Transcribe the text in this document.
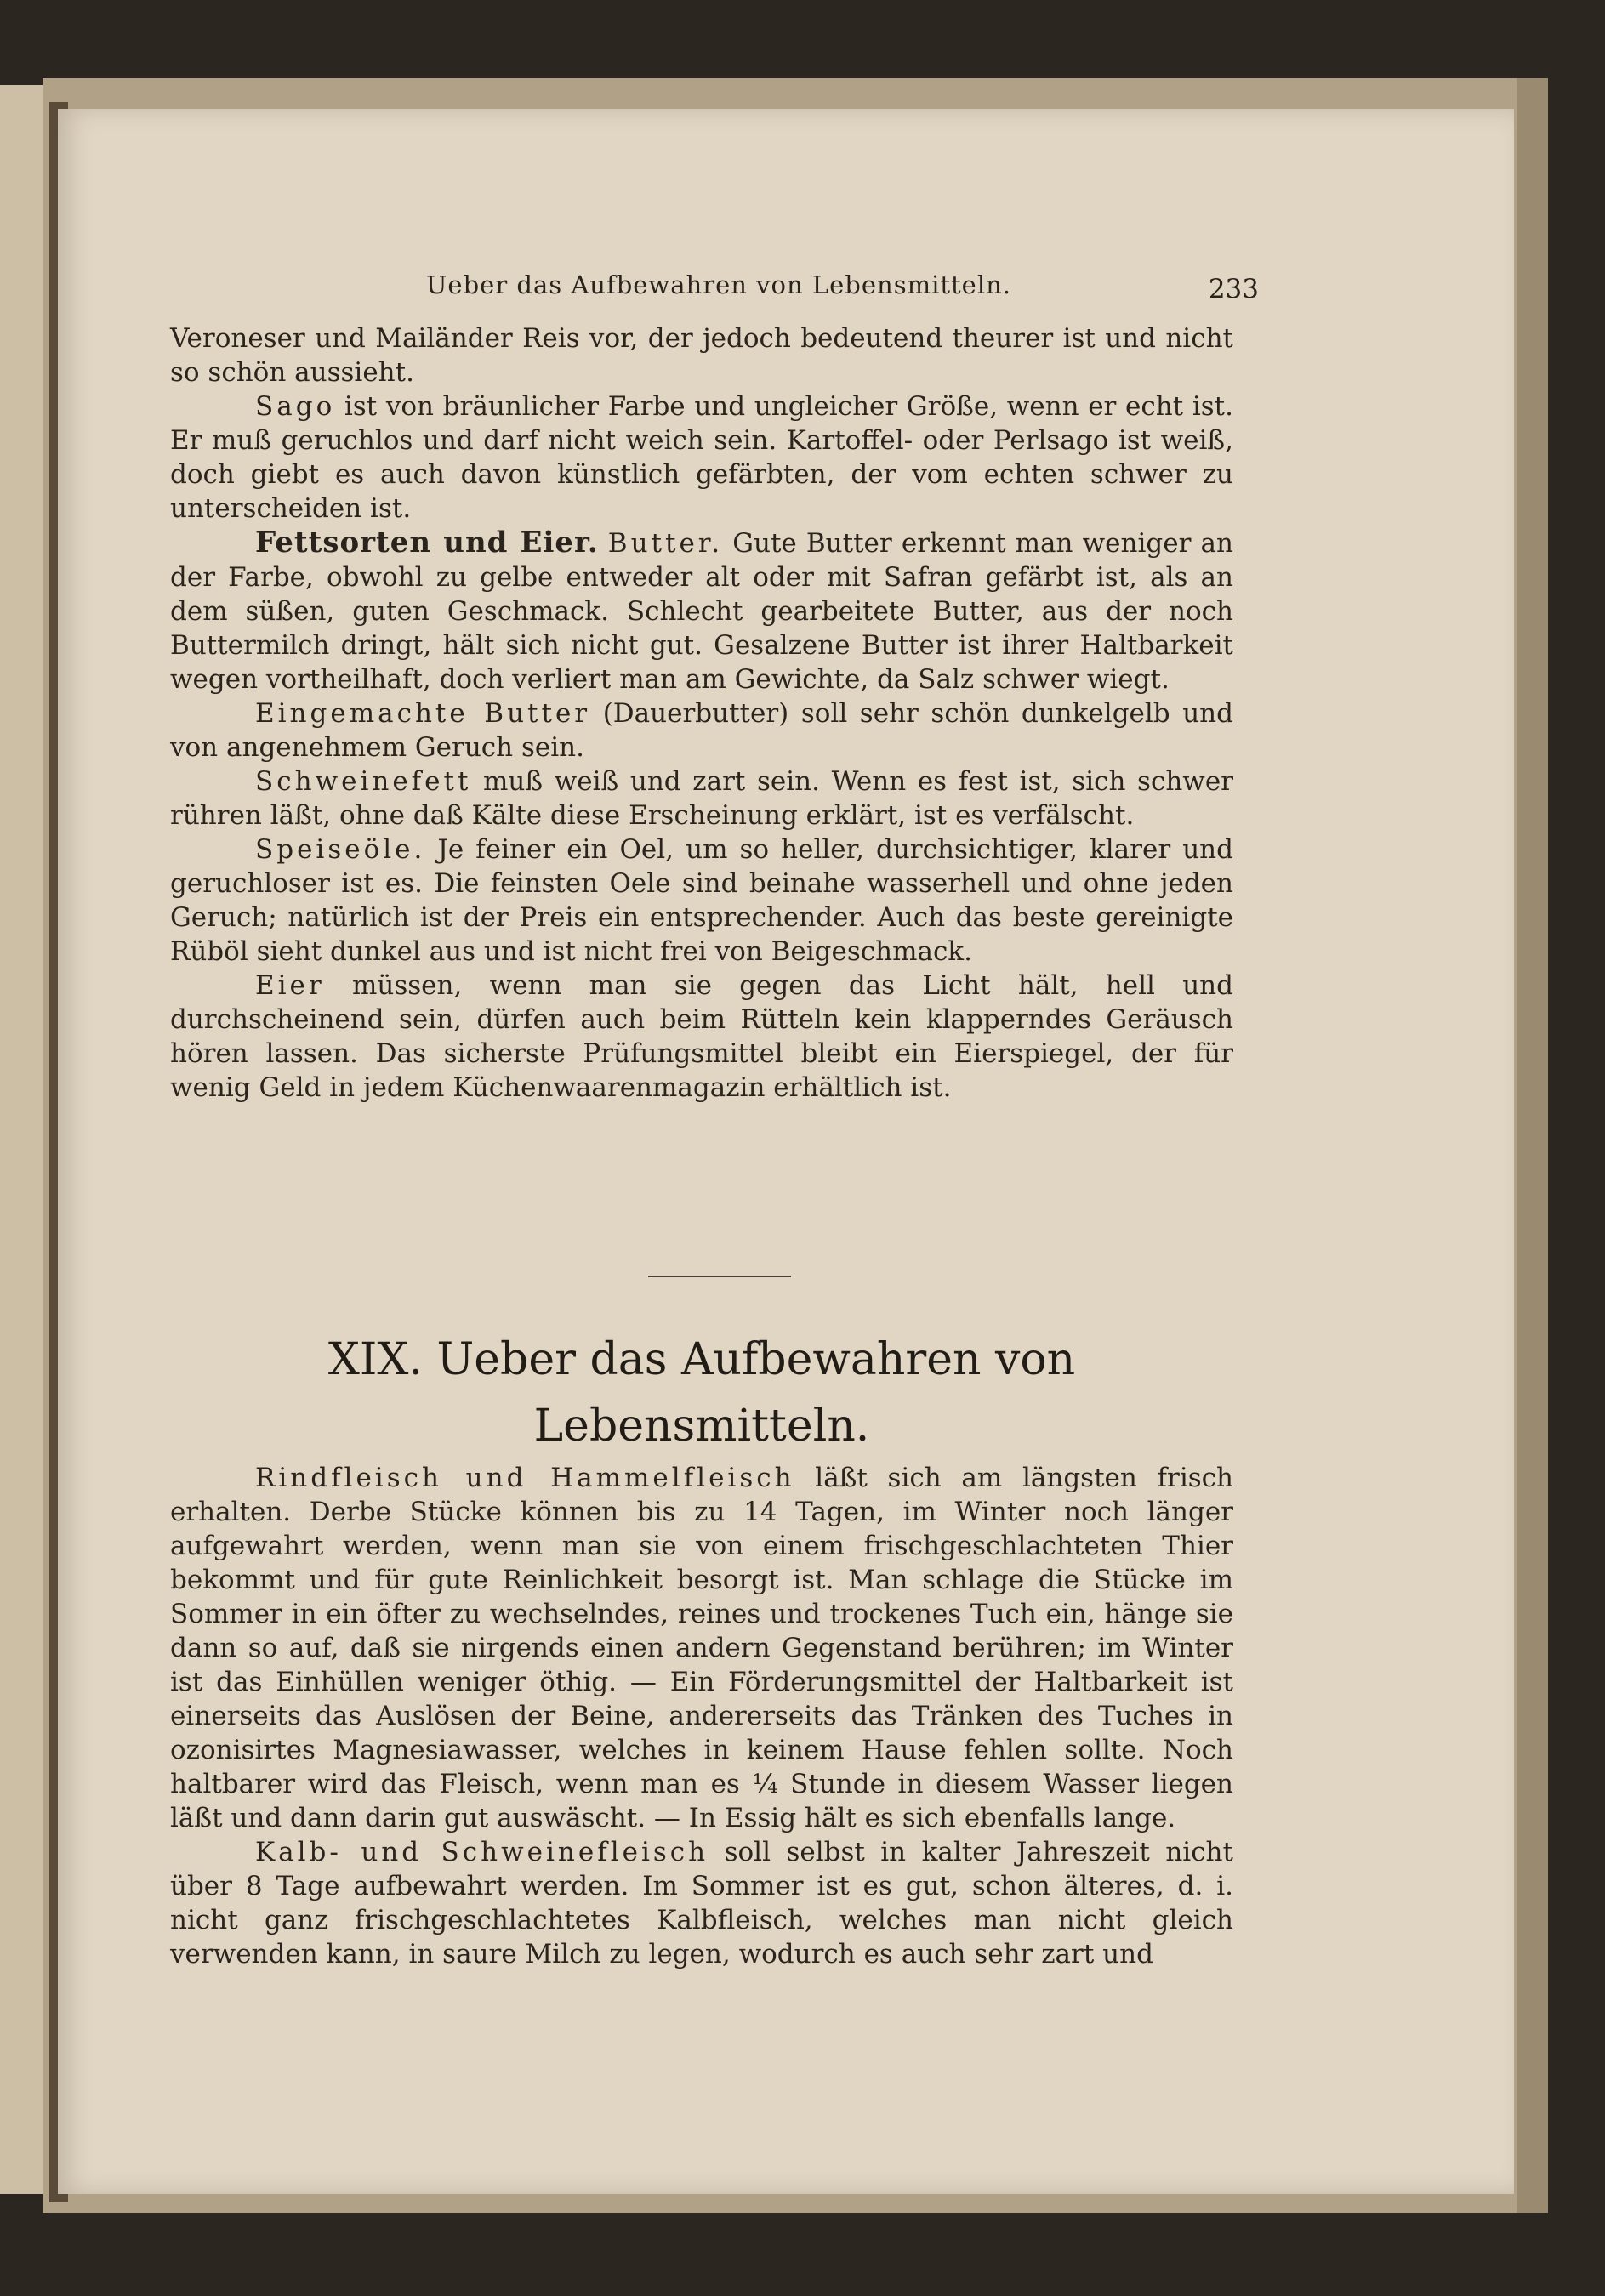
Ueber das Aufbewahren von Lebensmitteln.	233

Veroneser und Mailänder Reis vor, der jedoch bedeutend theurer ist und nicht so schön aussieht.

Sago ist von bräunlicher Farbe und ungleicher Größe, wenn er echt ist. Er muß geruchlos und darf nicht weich sein. Kartoffel- oder Perlsago ist weiß, doch giebt es auch davon künstlich gefärbten, der vom echten schwer zu unterscheiden ist.

Fettsorten und Eier. Butter. Gute Butter erkennt man weniger an der Farbe, obwohl zu gelbe entweder alt oder mit Safran gefärbt ist, als an dem süßen, guten Geschmack. Schlecht gearbeitete Butter, aus der noch Buttermilch dringt, hält sich nicht gut. Gesalzene Butter ist ihrer Haltbarkeit wegen vortheilhaft, doch verliert man am Gewichte, da Salz schwer wiegt.

Eingemachte Butter (Dauerbutter) soll sehr schön dunkelgelb und von angenehmem Geruch sein.

Schweinefett muß weiß und zart sein. Wenn es fest ist, sich schwer rühren läßt, ohne daß Kälte diese Erscheinung erklärt, ist es verfälscht.

Speiseöle. Je feiner ein Oel, um so heller, durchsichtiger, klarer und geruchloser ist es. Die feinsten Oele sind beinahe wasserhell und ohne jeden Geruch; natürlich ist der Preis ein entsprechender. Auch das beste gereinigte Rüböl sieht dunkel aus und ist nicht frei von Beigeschmack.

Eier müssen, wenn man sie gegen das Licht hält, hell und durchscheinend sein, dürfen auch beim Rütteln kein klapperndes Geräusch hören lassen. Das sicherste Prüfungsmittel bleibt ein Eierspiegel, der für wenig Geld in jedem Küchenwaarenmagazin erhältlich ist.

XIX. Ueber das Aufbewahren von Lebensmitteln.

Rindfleisch und Hammelfleisch läßt sich am längsten frisch erhalten. Derbe Stücke können bis zu 14 Tagen, im Winter noch länger aufgewahrt werden, wenn man sie von einem frischgeschlachteten Thier bekommt und für gute Reinlichkeit besorgt ist. Man schlage die Stücke im Sommer in ein öfter zu wechselndes, reines und trockenes Tuch ein, hänge sie dann so auf, daß sie nirgends einen andern Gegenstand berühren; im Winter ist das Einhüllen weniger öthig. — Ein Förderungsmittel der Haltbarkeit ist einerseits das Auslösen der Beine, andererseits das Tränken des Tuches in ozonisirtes Magnesiawasser, welches in keinem Hause fehlen sollte. Noch haltbarer wird das Fleisch, wenn man es ¼ Stunde in diesem Wasser liegen läßt und dann darin gut auswäscht. — In Essig hält es sich ebenfalls lange.

Kalb- und Schweinefleisch soll selbst in kalter Jahreszeit nicht über 8 Tage aufbewahrt werden. Im Sommer ist es gut, schon älteres, d. i. nicht ganz frischgeschlachtetes Kalbfleisch, welches man nicht gleich verwenden kann, in saure Milch zu legen, wodurch es auch sehr zart und
